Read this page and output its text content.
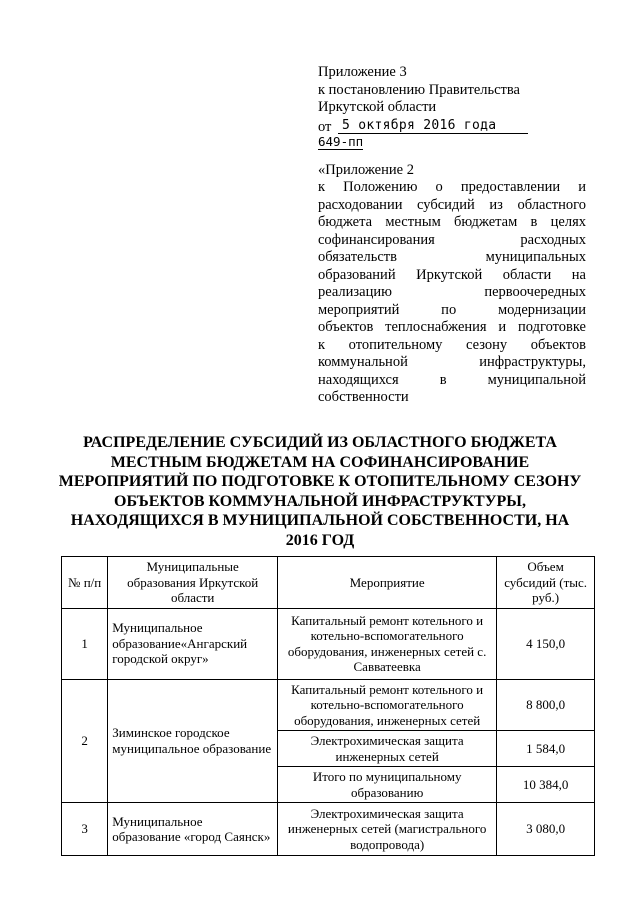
Приложение 3
к постановлению Правительства
Иркутской области
от 5 октября 2016 года
649-пп
«Приложение 2
к Положению о предоставлении и
расходовании субсидий из областного
бюджета местным бюджетам в целях
софинансирования расходных
обязательств муниципальных
образований Иркутской области на
реализацию первоочередных
мероприятий по модернизации
объектов теплоснабжения и подготовке
к отопительному сезону объектов
коммунальной инфраструктуры,
находящихся в муниципальной
собственности
РАСПРЕДЕЛЕНИЕ СУБСИДИЙ ИЗ ОБЛАСТНОГО БЮДЖЕТА
МЕСТНЫМ БЮДЖЕТАМ НА СОФИНАНСИРОВАНИЕ
МЕРОПРИЯТИЙ ПО ПОДГОТОВКЕ К ОТОПИТЕЛЬНОМУ СЕЗОНУ
ОБЪЕКТОВ КОММУНАЛЬНОЙ ИНФРАСТРУКТУРЫ,
НАХОДЯЩИХСЯ В МУНИЦИПАЛЬНОЙ СОБСТВЕННОСТИ, НА
2016 ГОД
№ п/п	Муниципальные образования Иркутской области	Мероприятие	Объем субсидий (тыс. руб.)
1	Муниципальное образование«Ангарский городской округ»	Капитальный ремонт котельного и котельно-вспомогательного оборудования, инженерных сетей с. Савватеевка	4 150,0
2	Зиминское городское муниципальное образование	Капитальный ремонт котельного и котельно-вспомогательного оборудования, инженерных сетей	8 800,0
		Электрохимическая защита инженерных сетей	1 584,0
		Итого по муниципальному образованию	10 384,0
3	Муниципальное образование «город Саянск»	Электрохимическая защита инженерных сетей (магистрального водопровода)	3 080,0
